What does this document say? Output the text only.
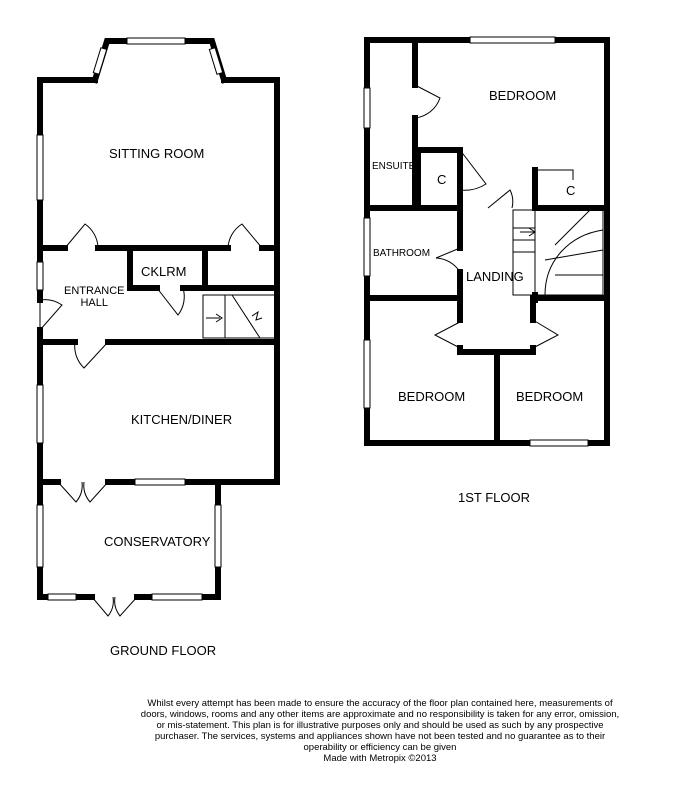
SITTING ROOM
ENTRANCE
HALL
CKLRM
KITCHEN/DINER
CONSERVATORY
GROUND FLOOR
BEDROOM
ENSUITE
C
C
BATHROOM
LANDING
BEDROOM	BEDROOM
1ST FLOOR
Whilst every attempt has been made to ensure the accuracy of the floor plan contained here, measurements of doors, windows, rooms and any other items are approximate and no responsibility is taken for any error, omission, or mis-statement. This plan is for illustrative purposes only and should be used as such by any prospective purchaser. The services, systems and appliances shown have not been tested and no guarantee as to their operability or efficiency can be given
Made with Metropix ©2013
